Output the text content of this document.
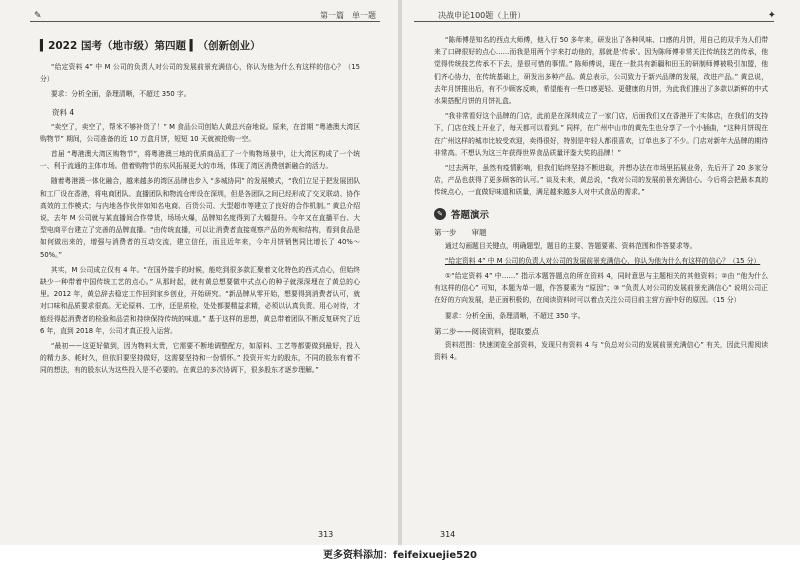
✎	第一篇　单一题
▍2022 国考（地市级）第四题 ▍（创新创业）

“给定资料 4” 中 M 公司的负责人对公司的发展前景充满信心，你认为他为什么有这样的信心？（15 分）

要求：分析全面，条理清晰，不超过 350 字。

资料 4

“卖空了，卖空了，帮米不够补货了！” M 食品公司创始人黄总兴奋地说。原来，在首期 “粤港澳大湾区购物节” 期间，公司准备的近 10 万盒月饼，短短 10 天就被抢购一空。

首届 “粤港澳大湾区购物节”，将粤港澳三地的优质商品汇了一个购物场景中，让大湾区构成了一个统一、利于流通的主体市场。借着购物节的东风拓展更大的市场，体现了湾区消费创新融合的活力。

随着粤港澳一体化融合，越来越多的湾区品牌也步入 “多城协同” 的发展模式，“我们立足于把发展团队和工厂设在香港，将电商团队、直播团队和物流仓库设在深圳，但是各团队之间已经形成了交叉联动、协作高效的工作模式；与内地各作伙伴如知名电商、百货公司、大型超市等建立了良好的合作机制。” 黄总介绍说，去年 M 公司就与某直播间合作带货，场场火爆，品牌知名度得到了大幅提升。今年又在直播平台、大型电商平台建立了完善的品牌直播。“由传统直播，可以让消费者直接观察产品的外观和结构，看到食品是如何做出来的，增强与消费者的互动交流，建立信任，而且近年来，今年月饼销售同比增长了 40%～50%。”

其实，M 公司成立仅有 4 年。“在国外接手的时候，能吃到很多款汇聚着文化特色的西式点心，但始终缺少一种带着中国传统工艺的点心。” 从那时起，就有黄总想要做中式点心的种子就深深埋在了黄总的心里。2012 年，黄总辞去稳定工作回到家乡创业，开始研究。“新品牌从零开始，想要得到消费者认可，就对口味和品质要求很高。无论原料、工序，还是质检，处处都要精益求精，必须以认真负责、用心对待，才能经得起消费者的检验和品尝和持续保持传统的味道。” 基于这样的思想，黄总带着团队不断反复研究了近 6 年，直到 2018 年，公司才真正投入运营。

“最初——这更好做到，因为物料太贵，它需要不断地调整配方，如原料、工艺等都要做到最好，投入的精力多、耗时久，但依旧要坚持做好，这需要坚持和一份情怀。” 投资开实力的股东，不同的股东有着不同的想法，有的股东认为这些投入是不必要的。在黄总的多次协调下，很多股东才逐步理解。”

313
决战申论100题（上册）	✦

“陈师傅是知名的西点大师傅，他入行 50 多年来，研发出了各种风味、口感的月饼，用自己的双手为人们带来了口碑很好的点心……而我是用两个字来打动他的，那就是‘传承’。因为陈师傅非常关注传统技艺的传承，他觉得传统技艺传承不下去，是很可惜的事情。” 陈师傅说，现在一批共有新疆和田玉的研制师傅被吸引加盟，他们齐心协力，在传统基础上，研发出多种产品。黄总表示，公司致力于新兴品牌的发展，改进产品。” 黄总说，去年月饼推出后，有不少顾客反映，希望能有一些口感更轻、更健康的月饼，为此我们推出了多款以新鲜的中式水果搭配月饼的月饼礼盒。

“我非常看好这个品牌的门店，此前是在深圳成立了一家门店，后面我们又在香港开了实体店，在我们的支持下，门店在线上开业了，每天都可以看到。” 同样，在广州中山市的黄先生也分享了一个小插曲，“这种月饼现在在广州这样的城市比较受欢迎，卖得很好，特别是年轻人都很喜欢，订单也多了不少。门店对新年大品牌的期待非常高。不想认为这三年获得世界食品质量评鉴大奖的品牌！”

“过去两年，虽然有疫情影响，但我们始终坚持不断进取，并想办法在市场里拓展业务，先后开了 20 多家分店，产品也获得了更多顾客的认可。” 谈及未来，黄总说，“我对公司的发展前景充满信心。今后将会把最本真的传统点心，一直做好味道和质量，满足越来越多人对中式食品的需求。”

✎ 答题演示
第一步　　审题

通过勾画题目关键点，明确题型，题目的主要、答题要素、资料范围和作答要求等。

“给定资料 4” 中 M 公司的负责人对公司的发展前景充满信心，你认为他为什么有这样的信心？（15 分）

①“给定资料 4” 中……” 指示本题答题点的所在资料 4，同时意思与主题相关的其他资料；②由 “他为什么有这样的信心” 可知，本题为单一题，作答要素为 “原因”；③ “负责人对公司的发展前景充满信心” 说明公司正在好的方向发展，是正面积极的，在阅读资料时可以着点关注公司目前主营方面中好的原因。（15 分）

要求：分析全面，条理清晰，不超过 350 字。

第二步——阅读资料，提取要点

资料范围：快速浏览全部资料，发现只有资料 4 与 “负总对公司的发展前景充满信心” 有关，因此只需阅读资料 4。

314
更多资料添加：feifeixuejie520
